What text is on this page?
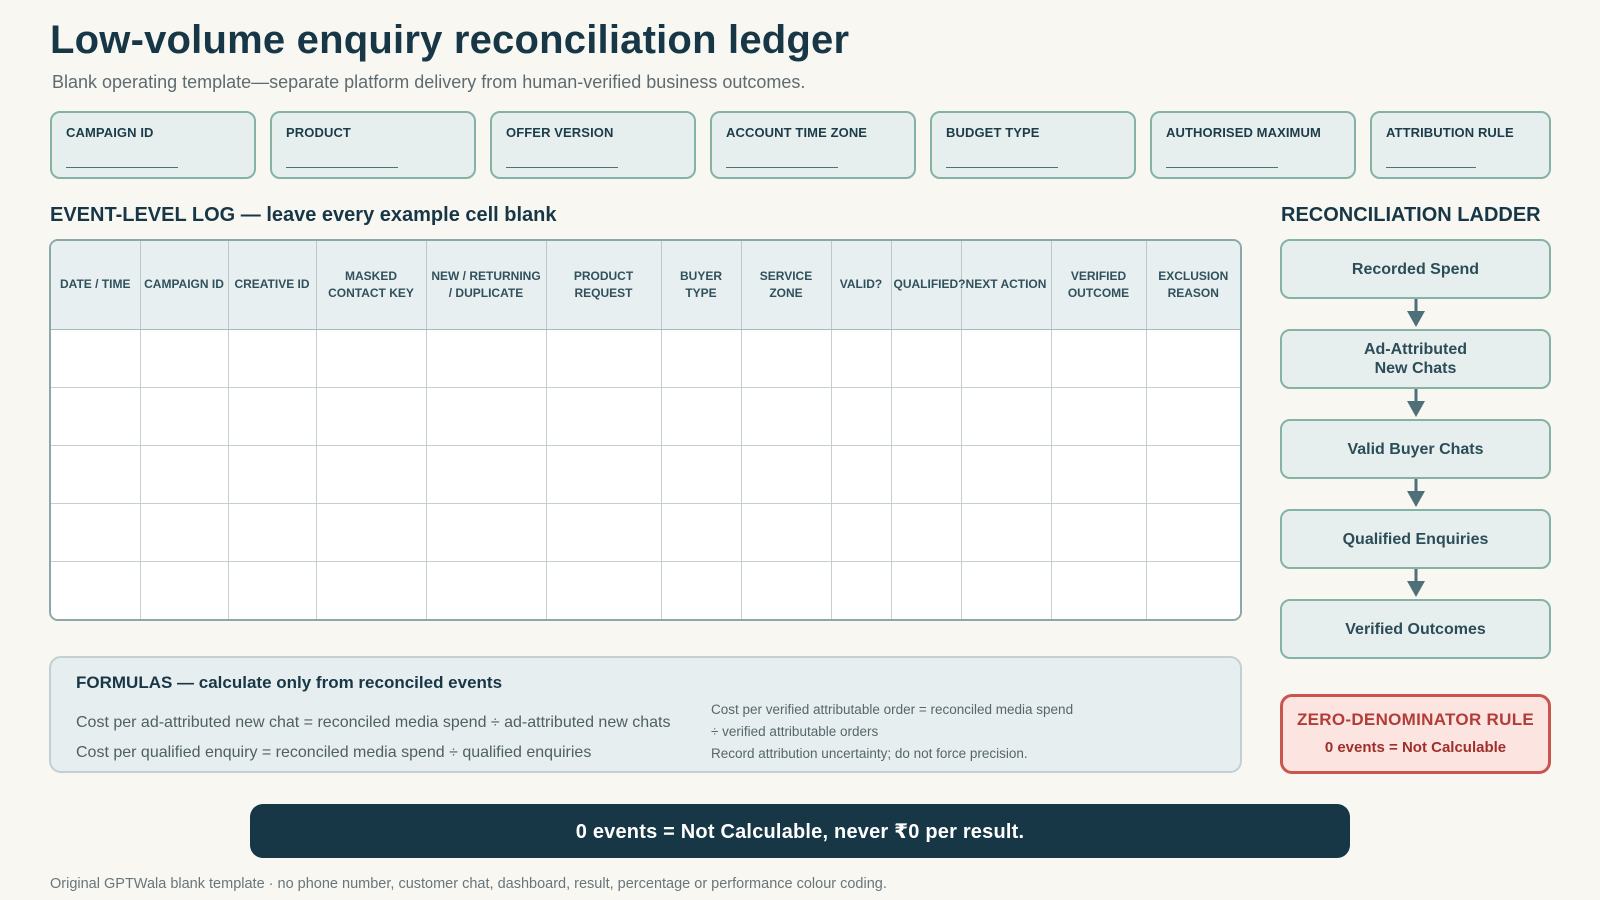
Low-volume enquiry reconciliation ledger
Blank operating template—separate platform delivery from human-verified business outcomes.
CAMPAIGN ID	PRODUCT	OFFER VERSION	ACCOUNT TIME ZONE	BUDGET TYPE	AUTHORISED MAXIMUM	ATTRIBUTION RULE
EVENT-LEVEL LOG — leave every example cell blank
DATE / TIME	CAMPAIGN ID	CREATIVE ID	MASKED CONTACT KEY	NEW / RETURNING / DUPLICATE	PRODUCT REQUEST	BUYER TYPE	SERVICE ZONE	VALID?	QUALIFIED?	NEXT ACTION	VERIFIED OUTCOME	EXCLUSION REASON

RECONCILIATION LADDER
Recorded Spend
Ad-Attributed
New Chats
Valid Buyer Chats
Qualified Enquiries
Verified Outcomes
FORMULAS — calculate only from reconciled events
Cost per ad-attributed new chat = reconciled media spend ÷ ad-attributed new chats
Cost per qualified enquiry = reconciled media spend ÷ qualified enquiries
Cost per verified attributable order = reconciled media spend
÷ verified attributable orders
Record attribution uncertainty; do not force precision.
ZERO-DENOMINATOR RULE
0 events = Not Calculable
0 events = Not Calculable, never ₹0 per result.
Original GPTWala blank template · no phone number, customer chat, dashboard, result, percentage or performance colour coding.
